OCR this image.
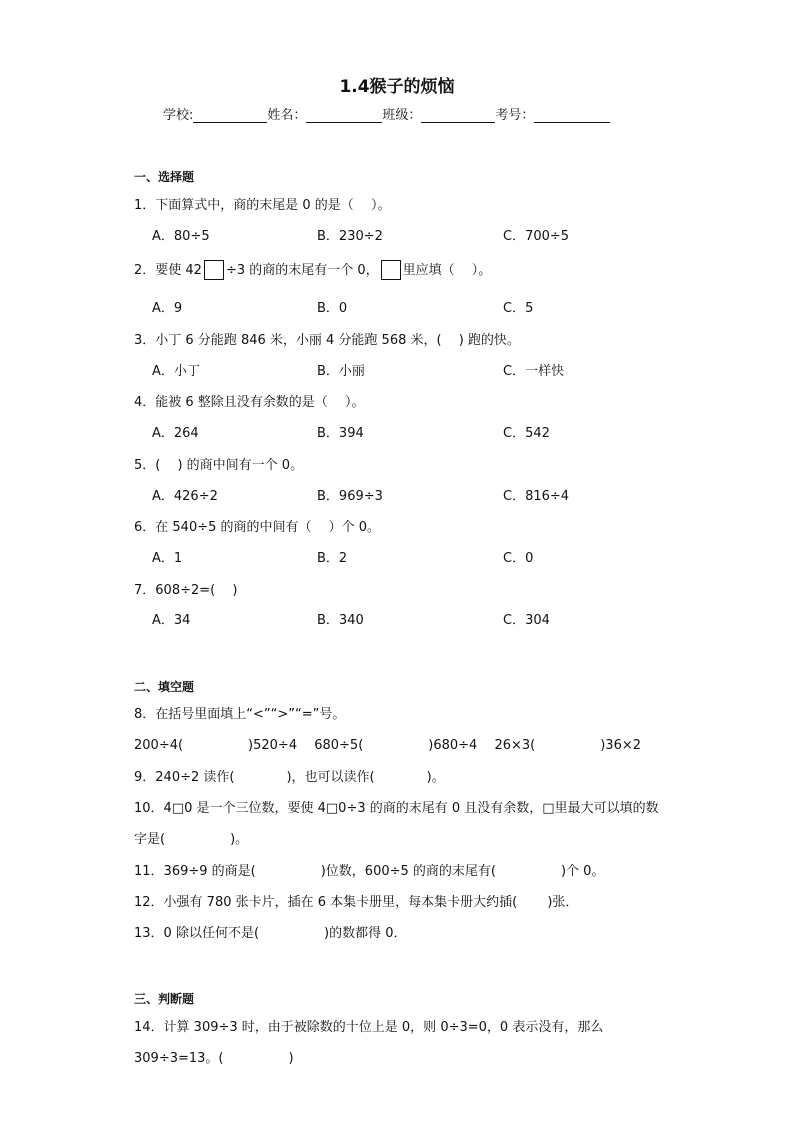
1.4猴子的烦恼
学校:	姓名：	班级：	考号：
一、选择题
1．下面算式中，商的末尾是 0 的是（　 ）。
A．80÷5	B．230÷2	C．700÷5
2．要使 42 ÷3 的商的末尾有一个 0， 里应填（　 ）。
A．9	B．0	C．5
3．小丁 6 分能跑 846 米，小丽 4 分能跑 568 米，(　 ) 跑的快。
A．小丁	B．小丽	C．一样快
4．能被 6 整除且没有余数的是（　 ）。
A．264	B．394	C．542
5．(　 ) 的商中间有一个 0。
A．426÷2	B．969÷3	C．816÷4
6．在 540÷5 的商的中间有（　 ）个 0。
A．1	B．2	C．0
7．608÷2=(　 )
A．34	B．340	C．304
二、填空题
8．在括号里面填上“<”“>”“=”号。
200÷4(　　　　　)520÷4　 680÷5(　　　　　)680÷4　 26×3(　　　　　)36×2
9．240÷2 读作(　　　　)，也可以读作(　　　　)。
10．4□0 是一个三位数，要使 4□0÷3 的商的末尾有 0 且没有余数，□里最大可以填的数
字是(　　　　　)。
11．369÷9 的商是(　　　　　)位数，600÷5 的商的末尾有(　　　　　)个 0。
12．小强有 780 张卡片，插在 6 本集卡册里，每本集卡册大约插(　　 )张．
13．0 除以任何不是(　　　　　)的数都得 0．
三、判断题
14．计算 309÷3 时，由于被除数的十位上是 0，则 0÷3=0，0 表示没有，那么
309÷3=13。(　　　　　)
